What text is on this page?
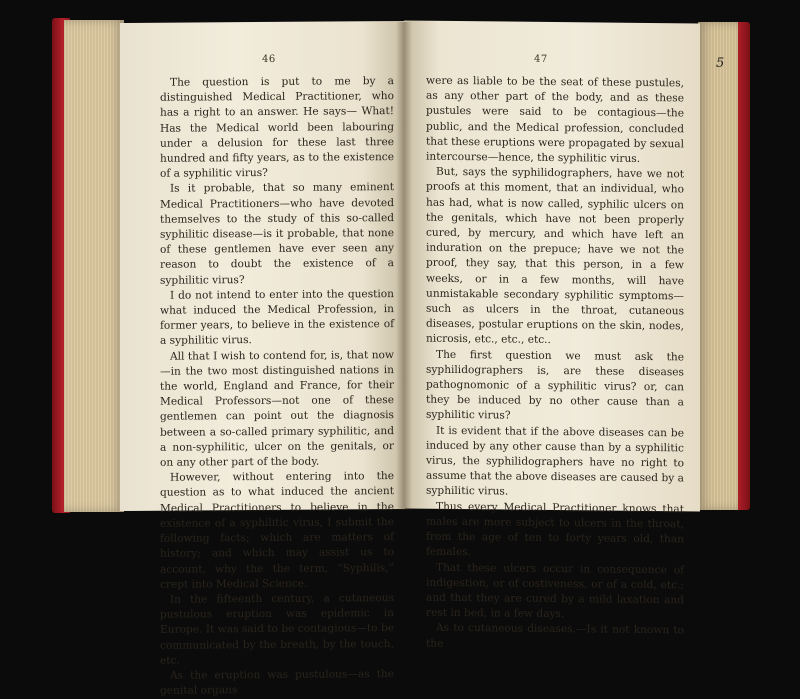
46

The question is put to me by a distinguished Medical Practitioner, who has a right to an answer. He says— What! Has the Medical world been labouring under a delusion for these last three hundred and fifty years, as to the existence of a syphilitic virus?

Is it probable, that so many eminent Medical Practitioners—who have devoted themselves to the study of this so-called syphilitic disease—is it probable, that none of these gentlemen have ever seen any reason to doubt the existence of a syphilitic virus?

I do not intend to enter into the question what induced the Medical Profession, in former years, to believe in the existence of a syphilitic virus.

All that I wish to contend for, is, that now—in the two most distinguished nations in the world, England and France, for their Medical Professors—not one of these gentlemen can point out the diagnosis between a so-called primary syphilitic, and a non-syphilitic, ulcer on the genitals, or on any other part of the body.

However, without entering into the question as to what induced the ancient Medical Practitioners to believe in the existence of a syphilitic virus, I submit the following facts; which are matters of history; and which may assist us to account, why the the term, “Syphilis,” crept into Medical Science.

In the fifteenth century, a cutaneous pustulous eruption was epidemic in Europe. It was said to be contagious—to be communicated by the breath, by the touch, etc.

As the eruption was pustulous—as the genital organs

47

were as liable to be the seat of these pustules, as any other part of the body, and as these pustules were said to be contagious—the public, and the Medical profession, concluded that these eruptions were propagated by sexual intercourse—hence, the syphilitic virus.

But, says the syphilidographers, have we not proofs at this moment, that an individual, who has had, what is now called, syphilic ulcers on the genitals, which have not been properly cured, by mercury, and which have left an induration on the prepuce; have we not the proof, they say, that this person, in a few weeks, or in a few months, will have unmistakable secondary syphilitic symptoms—such as ulcers in the throat, cutaneous diseases, postular eruptions on the skin, nodes, nicrosis, etc., etc., etc..

The first question we must ask the syphilidographers is, are these diseases pathognomonic of a syphilitic virus? or, can they be induced by no other cause than a syphilitic virus?

It is evident that if the above diseases can be induced by any other cause than by a syphilitic virus, the syphilidographers have no right to assume that the above diseases are caused by a syphilitic virus.

Thus every Medical Practitioner knows that males are more subject to ulcers in the throat, from the age of ten to forty years old, than females.

That these ulcers occur in consequence of indigestion, or of costiveness, or of a cold, etc.; and that they are cured by a mild laxation and rest in bed, in a few days.

As to cutaneous diseases.—Is it not known to the

5
